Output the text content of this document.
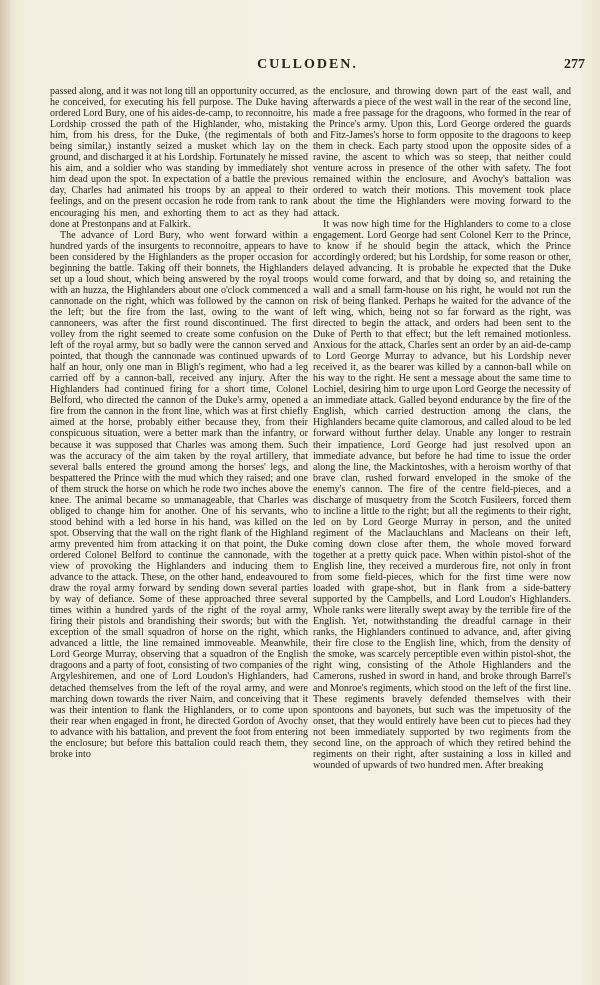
CULLODEN.	277

passed along, and it was not long till an opportunity occurred, as he conceived, for executing his fell purpose. The Duke having ordered Lord Bury, one of his aides-de-camp, to reconnoitre, his Lordship crossed the path of the Highlander, who, mistaking him, from his dress, for the Duke, (the regimentals of both being similar,) instantly seized a musket which lay on the ground, and discharged it at his Lordship. Fortunately he missed his aim, and a soldier who was standing by immediately shot him dead upon the spot. In expectation of a battle the previous day, Charles had animated his troops by an appeal to their feelings, and on the present occasion he rode from rank to rank encouraging his men, and exhorting them to act as they had done at Prestonpans and at Falkirk.

The advance of Lord Bury, who went forward within a hundred yards of the insurgents to reconnoitre, appears to have been considered by the Highlanders as the proper occasion for beginning the battle. Taking off their bonnets, the Highlanders set up a loud shout, which being answered by the royal troops with an huzza, the Highlanders about one o'clock commenced a cannonade on the right, which was followed by the cannon on the left; but the fire from the last, owing to the want of cannoneers, was after the first round discontinued. The first volley from the right seemed to create some confusion on the left of the royal army, but so badly were the cannon served and pointed, that though the cannonade was continued upwards of half an hour, only one man in Bligh's regiment, who had a leg carried off by a cannon-ball, received any injury. After the Highlanders had continued firing for a short time, Colonel Belford, who directed the cannon of the Duke's army, opened a fire from the cannon in the front line, which was at first chiefly aimed at the horse, probably either because they, from their conspicuous situation, were a better mark than the infantry, or because it was supposed that Charles was among them. Such was the accuracy of the aim taken by the royal artillery, that several balls entered the ground among the horses' legs, and bespattered the Prince with the mud which they raised; and one of them struck the horse on which he rode two inches above the knee. The animal became so unmanageable, that Charles was obliged to change him for another. One of his servants, who stood behind with a led horse in his hand, was killed on the spot. Observing that the wall on the right flank of the Highland army prevented him from attacking it on that point, the Duke ordered Colonel Belford to continue the cannonade, with the view of provoking the Highlanders and inducing them to advance to the attack. These, on the other hand, endeavoured to draw the royal army forward by sending down several parties by way of defiance. Some of these approached three several times within a hundred yards of the right of the royal army, firing their pistols and brandishing their swords; but with the exception of the small squadron of horse on the right, which advanced a little, the line remained immoveable. Meanwhile, Lord George Murray, observing that a squadron of the English dragoons and a party of foot, consisting of two companies of the Argyleshiremen, and one of Lord Loudon's Highlanders, had detached themselves from the left of the royal army, and were marching down towards the river Nairn, and conceiving that it was their intention to flank the Highlanders, or to come upon their rear when engaged in front, he directed Gordon of Avochy to advance with his battalion, and prevent the foot from entering the enclosure; but before this battalion could reach them, they broke into

the enclosure, and throwing down part of the east wall, and afterwards a piece of the west wall in the rear of the second line, made a free passage for the dragoons, who formed in the rear of the Prince's army. Upon this, Lord George ordered the guards and Fitz-James's horse to form opposite to the dragoons to keep them in check. Each party stood upon the opposite sides of a ravine, the ascent to which was so steep, that neither could venture across in presence of the other with safety. The foot remained within the enclosure, and Avochy's battalion was ordered to watch their motions. This movement took place about the time the Highlanders were moving forward to the attack.

It was now high time for the Highlanders to come to a close engagement. Lord George had sent Colonel Kerr to the Prince, to know if he should begin the attack, which the Prince accordingly ordered; but his Lordship, for some reason or other, delayed advancing. It is probable he expected that the Duke would come forward, and that by doing so, and retaining the wall and a small farm-house on his right, he would not run the risk of being flanked. Perhaps he waited for the advance of the left wing, which, being not so far forward as the right, was directed to begin the attack, and orders had been sent to the Duke of Perth to that effect; but the left remained motionless. Anxious for the attack, Charles sent an order by an aid-de-camp to Lord George Murray to advance, but his Lordship never received it, as the bearer was killed by a cannon-ball while on his way to the right. He sent a message about the same time to Lochiel, desiring him to urge upon Lord George the necessity of an immediate attack. Galled beyond endurance by the fire of the English, which carried destruction among the clans, the Highlanders became quite clamorous, and called aloud to be led forward without further delay. Unable any longer to restrain their impatience, Lord George had just resolved upon an immediate advance, but before he had time to issue the order along the line, the Mackintoshes, with a heroism worthy of that brave clan, rushed forward enveloped in the smoke of the enemy's cannon. The fire of the centre field-pieces, and a discharge of musquetry from the Scotch Fusileers, forced them to incline a little to the right; but all the regiments to their right, led on by Lord George Murray in person, and the united regiment of the Maclauchlans and Macleans on their left, coming down close after them, the whole moved forward together at a pretty quick pace. When within pistol-shot of the English line, they received a murderous fire, not only in front from some field-pieces, which for the first time were now loaded with grape-shot, but in flank from a side-battery supported by the Campbells, and Lord Loudon's Highlanders. Whole ranks were literally swept away by the terrible fire of the English. Yet, notwithstanding the dreadful carnage in their ranks, the Highlanders continued to advance, and, after giving their fire close to the English line, which, from the density of the smoke, was scarcely perceptible even within pistol-shot, the right wing, consisting of the Athole Highlanders and the Camerons, rushed in sword in hand, and broke through Barrel's and Monroe's regiments, which stood on the left of the first line. These regiments bravely defended themselves with their spontoons and bayonets, but such was the impetuosity of the onset, that they would entirely have been cut to pieces had they not been immediately supported by two regiments from the second line, on the approach of which they retired behind the regiments on their right, after sustaining a loss in killed and wounded of upwards of two hundred men. After breaking
